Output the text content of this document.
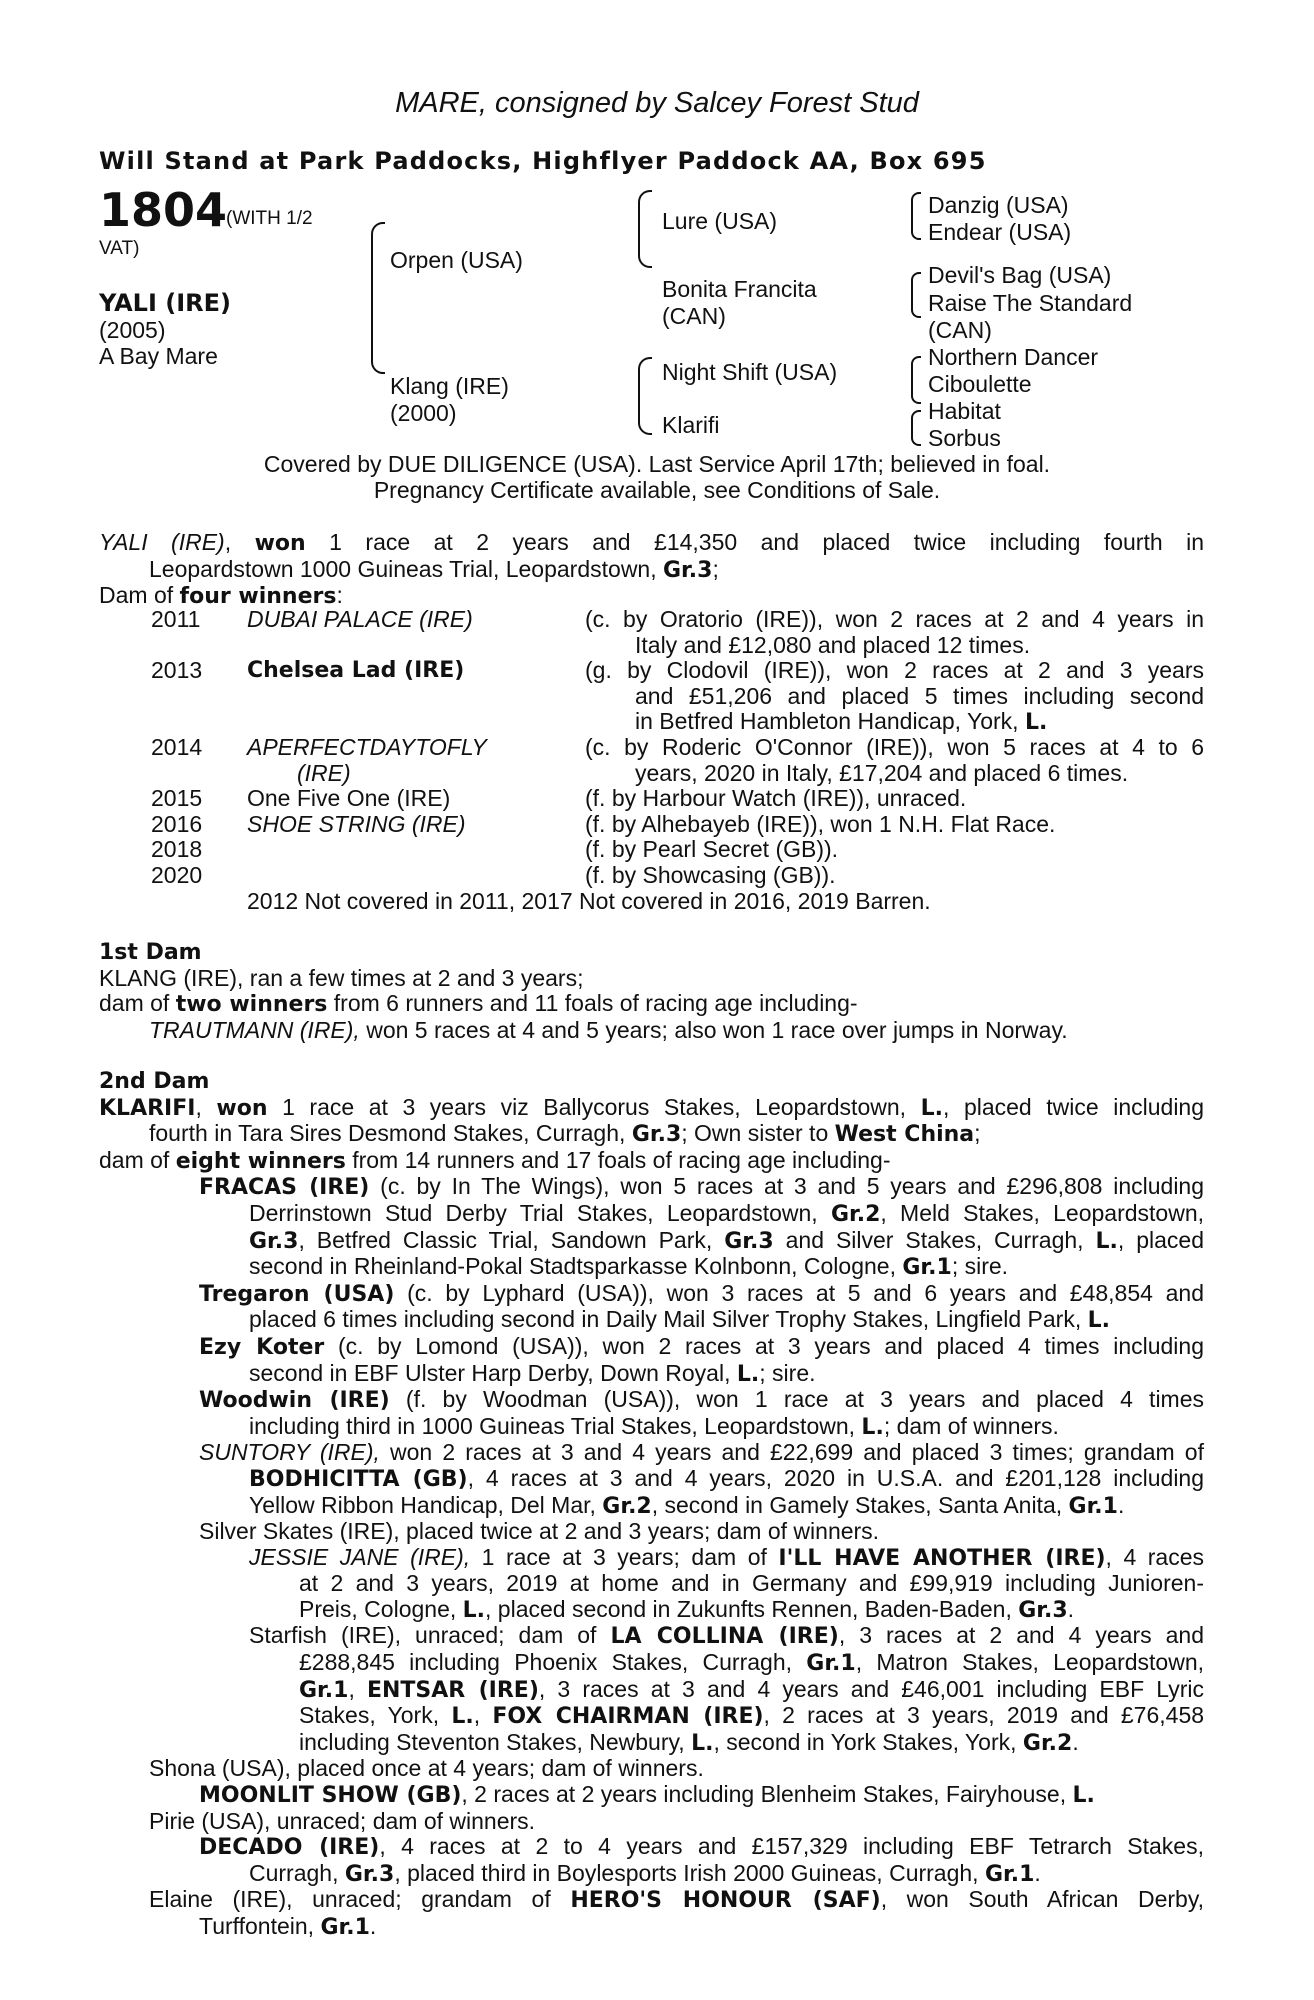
MARE, consigned by Salcey Forest Stud
Will Stand at Park Paddocks, Highflyer Paddock AA, Box 695
1804
(WITH 1/2
VAT)
YALI (IRE)
(2005)
A Bay Mare
Orpen (USA)
Klang (IRE)
(2000)
Lure (USA)
Bonita Francita
(CAN)
Night Shift (USA)
Klarifi
Danzig (USA)
Endear (USA)
Devil's Bag (USA)
Raise The Standard
(CAN)
Northern Dancer
Ciboulette
Habitat
Sorbus
Covered by DUE DILIGENCE (USA). Last Service April 17th; believed in foal.
Pregnancy Certificate available, see Conditions of Sale.
YALI (IRE), won 1 race at 2 years and £14,350 and placed twice including fourth in
Leopardstown 1000 Guineas Trial, Leopardstown, Gr.3;
Dam of four winners:
2011 DUBAI PALACE (IRE)	(c. by Oratorio (IRE)), won 2 races at 2 and 4 years in
Italy and £12,080 and placed 12 times.
2013 Chelsea Lad (IRE)	(g. by Clodovil (IRE)), won 2 races at 2 and 3 years
and £51,206 and placed 5 times including second
in Betfred Hambleton Handicap, York, L.
2014 APERFECTDAYTOFLY	(c. by Roderic O'Connor (IRE)), won 5 races at 4 to 6
(IRE)	years, 2020 in Italy, £17,204 and placed 6 times.
2015 One Five One (IRE)	(f. by Harbour Watch (IRE)), unraced.
2016 SHOE STRING (IRE)	(f. by Alhebayeb (IRE)), won 1 N.H. Flat Race.
2018	(f. by Pearl Secret (GB)).
2020	(f. by Showcasing (GB)).
2012 Not covered in 2011, 2017 Not covered in 2016, 2019 Barren.
1st Dam
KLANG (IRE), ran a few times at 2 and 3 years;
dam of two winners from 6 runners and 11 foals of racing age including-
TRAUTMANN (IRE), won 5 races at 4 and 5 years; also won 1 race over jumps in Norway.
2nd Dam
KLARIFI, won 1 race at 3 years viz Ballycorus Stakes, Leopardstown, L., placed twice including
fourth in Tara Sires Desmond Stakes, Curragh, Gr.3; Own sister to West China;
dam of eight winners from 14 runners and 17 foals of racing age including-
FRACAS (IRE) (c. by In The Wings), won 5 races at 3 and 5 years and £296,808 including
Derrinstown Stud Derby Trial Stakes, Leopardstown, Gr.2, Meld Stakes, Leopardstown,
Gr.3, Betfred Classic Trial, Sandown Park, Gr.3 and Silver Stakes, Curragh, L., placed
second in Rheinland-Pokal Stadtsparkasse Kolnbonn, Cologne, Gr.1; sire.
Tregaron (USA) (c. by Lyphard (USA)), won 3 races at 5 and 6 years and £48,854 and
placed 6 times including second in Daily Mail Silver Trophy Stakes, Lingfield Park, L.
Ezy Koter (c. by Lomond (USA)), won 2 races at 3 years and placed 4 times including
second in EBF Ulster Harp Derby, Down Royal, L.; sire.
Woodwin (IRE) (f. by Woodman (USA)), won 1 race at 3 years and placed 4 times
including third in 1000 Guineas Trial Stakes, Leopardstown, L.; dam of winners.
SUNTORY (IRE), won 2 races at 3 and 4 years and £22,699 and placed 3 times; grandam of
BODHICITTA (GB), 4 races at 3 and 4 years, 2020 in U.S.A. and £201,128 including
Yellow Ribbon Handicap, Del Mar, Gr.2, second in Gamely Stakes, Santa Anita, Gr.1.
Silver Skates (IRE), placed twice at 2 and 3 years; dam of winners.
JESSIE JANE (IRE), 1 race at 3 years; dam of I'LL HAVE ANOTHER (IRE), 4 races
at 2 and 3 years, 2019 at home and in Germany and £99,919 including Junioren-
Preis, Cologne, L., placed second in Zukunfts Rennen, Baden-Baden, Gr.3.
Starfish (IRE), unraced; dam of LA COLLINA (IRE), 3 races at 2 and 4 years and
£288,845 including Phoenix Stakes, Curragh, Gr.1, Matron Stakes, Leopardstown,
Gr.1, ENTSAR (IRE), 3 races at 3 and 4 years and £46,001 including EBF Lyric
Stakes, York, L., FOX CHAIRMAN (IRE), 2 races at 3 years, 2019 and £76,458
including Steventon Stakes, Newbury, L., second in York Stakes, York, Gr.2.
Shona (USA), placed once at 4 years; dam of winners.
MOONLIT SHOW (GB), 2 races at 2 years including Blenheim Stakes, Fairyhouse, L.
Pirie (USA), unraced; dam of winners.
DECADO (IRE), 4 races at 2 to 4 years and £157,329 including EBF Tetrarch Stakes,
Curragh, Gr.3, placed third in Boylesports Irish 2000 Guineas, Curragh, Gr.1.
Elaine (IRE), unraced; grandam of HERO'S HONOUR (SAF), won South African Derby,
Turffontein, Gr.1.
